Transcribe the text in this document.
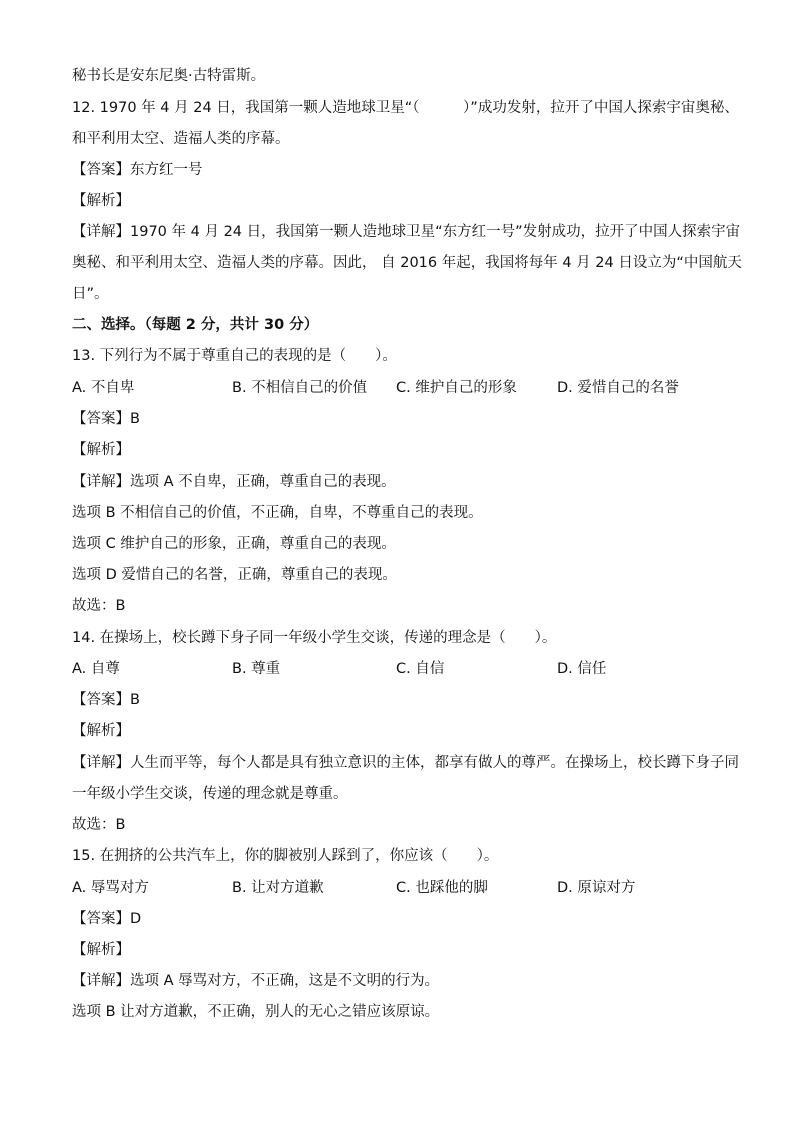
秘书长是安东尼奥·古特雷斯。
12. 1970 年 4 月 24 日，我国第一颗人造地球卫星“（　　　）”成功发射，拉开了中国人探索宇宙奥秘、
和平利用太空、造福人类的序幕。
【答案】东方红一号
【解析】
【详解】1970 年 4 月 24 日，我国第一颗人造地球卫星“东方红一号”发射成功，拉开了中国人探索宇宙
奥秘、和平利用太空、造福人类的序幕。因此， 自 2016 年起，我国将每年 4 月 24 日设立为“中国航天
日”。
二、选择。（每题 2 分，共计 30 分）
13. 下列行为不属于尊重自己的表现的是（　　）。
A. 不自卑	B. 不相信自己的价值 C. 维护自己的形象	D. 爱惜自己的名誉
【答案】B
【解析】
【详解】选项 A 不自卑，正确，尊重自己的表现。
选项 B 不相信自己的价值，不正确，自卑，不尊重自己的表现。
选项 C 维护自己的形象，正确，尊重自己的表现。
选项 D 爱惜自己的名誉，正确，尊重自己的表现。
故选：B
14. 在操场上，校长蹲下身子同一年级小学生交谈，传递的理念是（　　）。
A. 自尊	B. 尊重	C. 自信	D. 信任
【答案】B
【解析】
【详解】人生而平等，每个人都是具有独立意识的主体，都享有做人的尊严。在操场上，校长蹲下身子同
一年级小学生交谈，传递的理念就是尊重。
故选：B
15. 在拥挤的公共汽车上，你的脚被别人踩到了，你应该（　　）。
A. 辱骂对方	B. 让对方道歉	C. 也踩他的脚	D. 原谅对方
【答案】D
【解析】
【详解】选项 A 辱骂对方，不正确，这是不文明的行为。
选项 B 让对方道歉，不正确，别人的无心之错应该原谅。
